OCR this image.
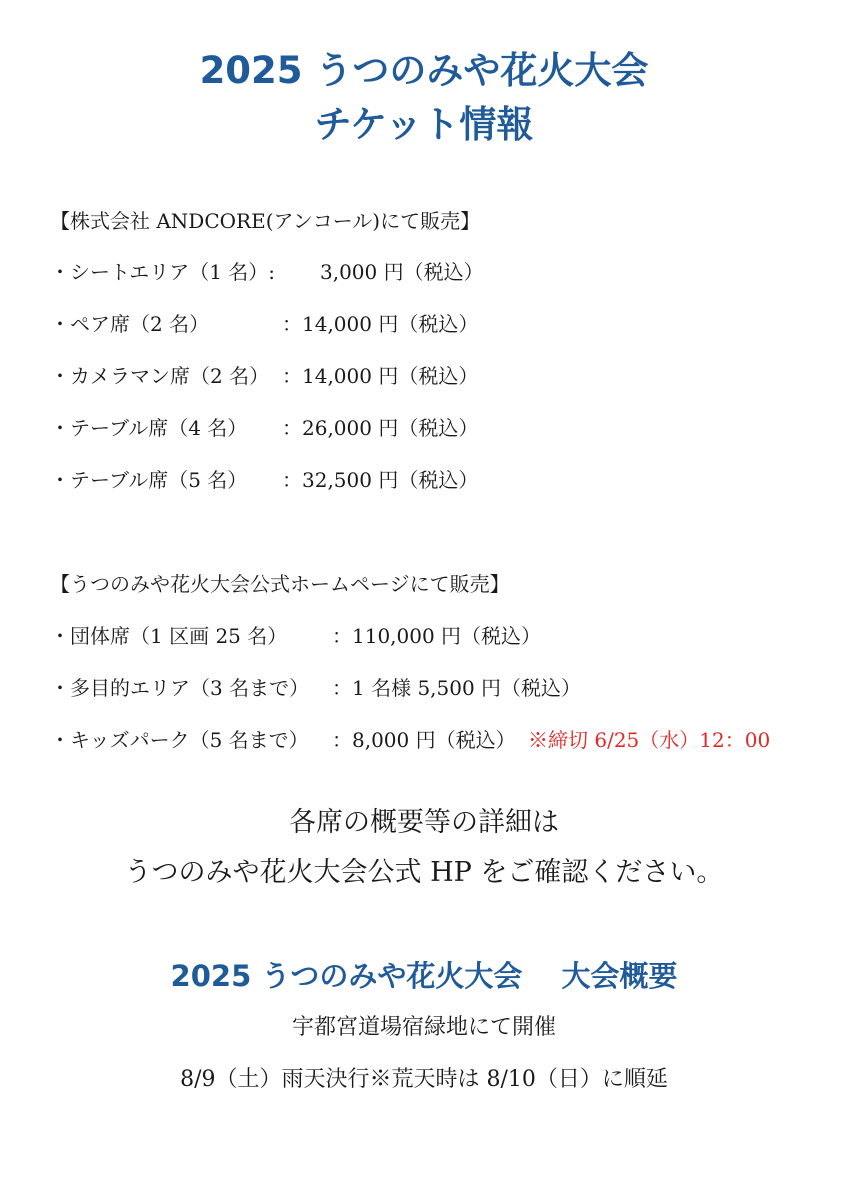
2025 うつのみや花火大会
チケット情報
【株式会社 ANDCORE(アンコール)にて販売】
・ シートエリア（1 名）: 3,000 円（税込）
・ ペア席（2 名）	：14,000 円（税込）
・ カメラマン席（2 名） ：14,000 円（税込）
・ テーブル席（4 名） ：26,000 円（税込）
・ テーブル席（5 名） ：32,500 円（税込）
【うつのみや花火大会公式ホームページにて販売】
・ 団体席（1 区画 25 名） ：110,000 円（税込）
・ 多目的エリア（3 名まで） ：1 名様 5,500 円（税込）
・ キッズパーク（5 名まで） ：8,000 円（税込） ※締切 6/25（水）12：00

各席の概要等の詳細は

うつのみや花火大会公式 HP をご確認ください。

2025 うつのみや花火大会　 大会概要

宇都宮道場宿緑地にて開催

8/9（土）雨天決行※荒天時は 8/10（日）に順延
